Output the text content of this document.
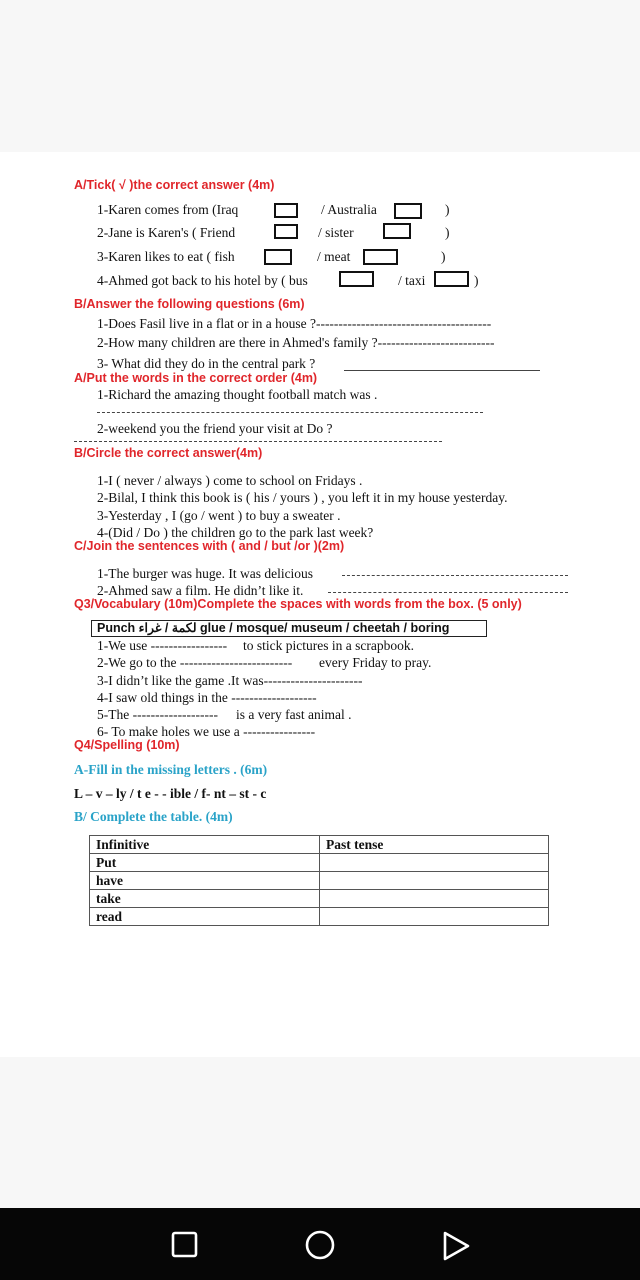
A/Tick( √ )the correct answer (4m)
1-Karen comes from (Iraq	/ Australia	)
2-Jane is Karen's ( Friend	/ sister	)
3-Karen likes to eat ( fish	/ meat	)
4-Ahmed got back to his hotel by ( bus	/ taxi	)
B/Answer the following questions (6m)
1-Does Fasil live in a flat or in a house ?---------------------------------------
2-How many children are there in Ahmed's family ?--------------------------
3- What did they do in the central park ?
A/Put the words in the correct order (4m)
1-Richard the amazing thought football match was .
2-weekend you the friend your visit at Do ?
B/Circle the correct answer(4m)
1-I ( never / always ) come to school on Fridays .
2-Bilal, I think this book is ( his / yours ) , you left it in my house yesterday.
3-Yesterday , I (go / went ) to buy a sweater .
4-(Did / Do ) the children go to the park last week?
C/Join the sentences with ( and / but /or )(2m)
1-The burger was huge. It was delicious
2-Ahmed saw a film. He didn’t like it.
Q3/Vocabulary (10m)Complete the spaces with words from the box. (5 only)
Punch لكمة / غراء glue / mosque/ museum / cheetah / boring
1-We use ----------------- to stick pictures in a scrapbook.
2-We go to the ------------------------- every Friday to pray.
3-I didn’t like the game .It was----------------------
4-I saw old things in the -------------------
5-The ------------------- is a very fast animal .
6- To make holes we use a ----------------
Q4/Spelling (10m)
A-Fill in the missing letters . (6m)
L – v – ly / t e - - ible / f- nt – st - c
B/ Complete the table. (4m)
Infinitive	Past tense
Put	
have	
take	
read	
